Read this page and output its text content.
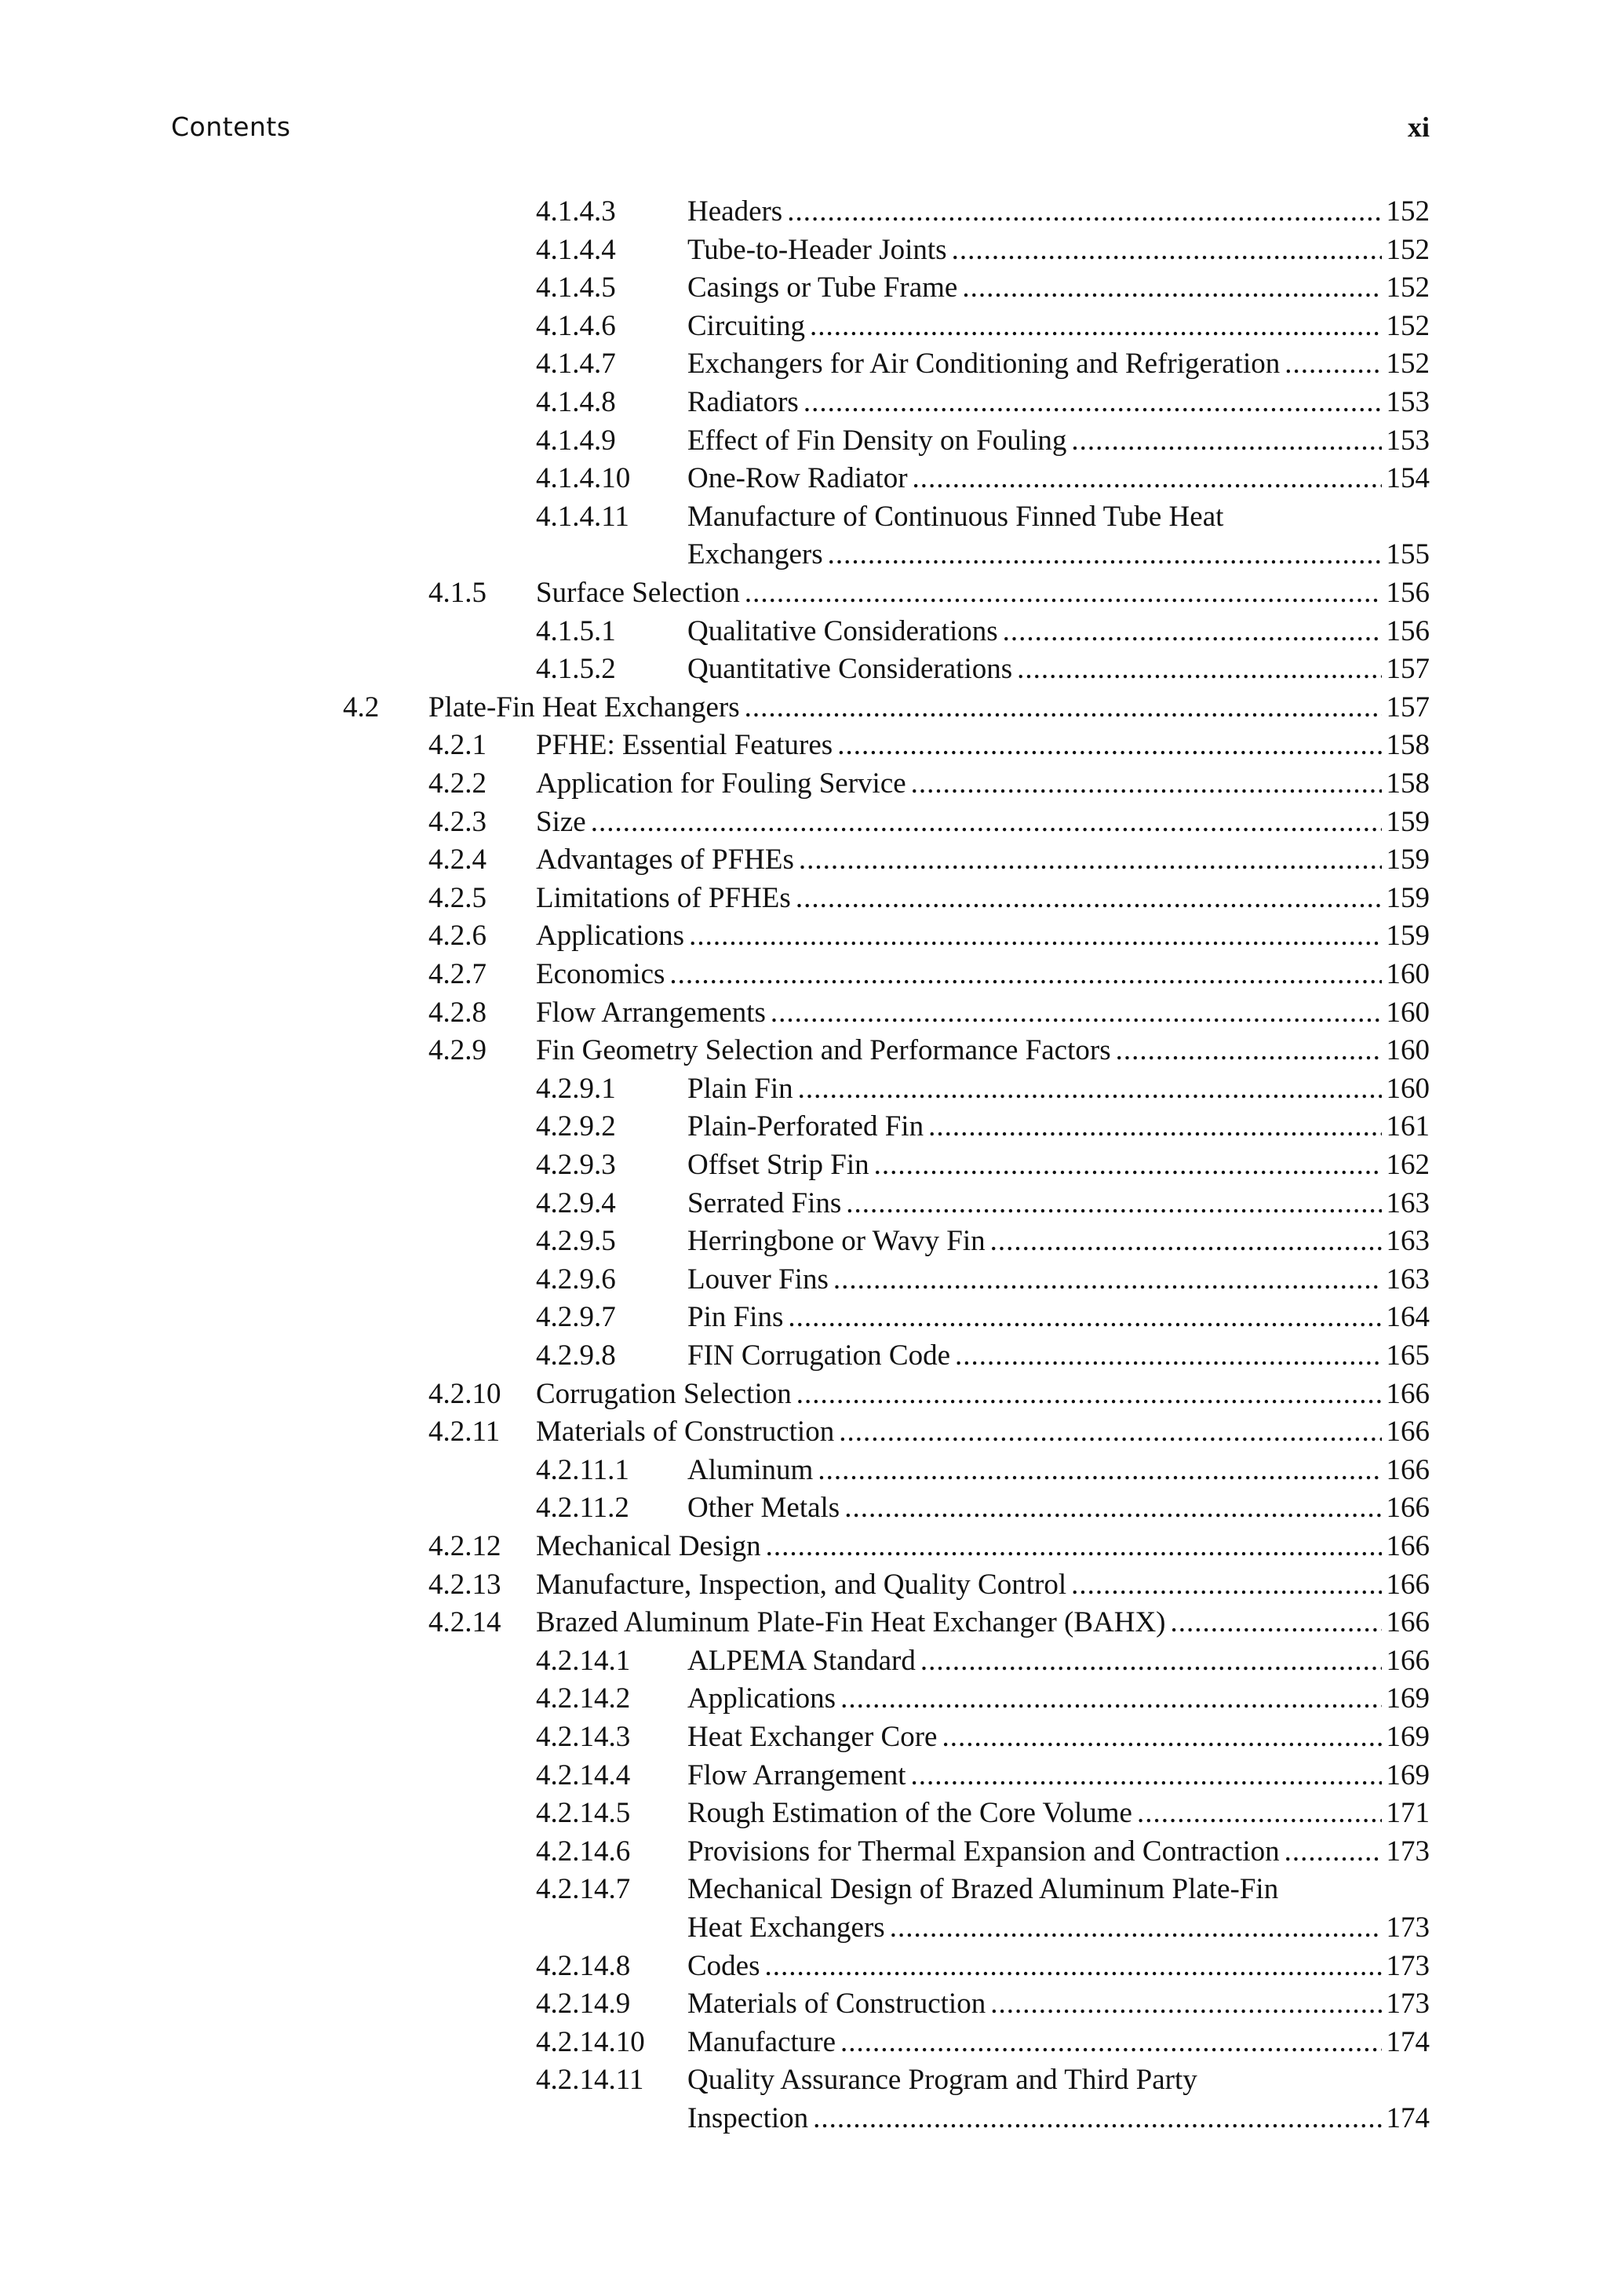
Contents	xi
4.1.4.3 Headers .....	152
4.1.4.4 Tube-to-Header Joints .....	152
4.1.4.5 Casings or Tube Frame .....	152
4.1.4.6 Circuiting .....	152
4.1.4.7 Exchangers for Air Conditioning and Refrigeration .....	152
4.1.4.8 Radiators .....	153
4.1.4.9 Effect of Fin Density on Fouling .....	153
4.1.4.10 One-Row Radiator .....	154
4.1.4.11 Manufacture of Continuous Finned Tube Heat
Exchangers .....	155
4.1.5 Surface Selection .....	156
4.1.5.1 Qualitative Considerations .....	156
4.1.5.2 Quantitative Considerations .....	157
4.2 Plate-Fin Heat Exchangers .....	157
4.2.1 PFHE: Essential Features .....	158
4.2.2 Application for Fouling Service .....	158
4.2.3 Size .....	159
4.2.4 Advantages of PFHEs .....	159
4.2.5 Limitations of PFHEs .....	159
4.2.6 Applications .....	159
4.2.7 Economics .....	160
4.2.8 Flow Arrangements .....	160
4.2.9 Fin Geometry Selection and Performance Factors .....	160
4.2.9.1 Plain Fin .....	160
4.2.9.2 Plain-Perforated Fin .....	161
4.2.9.3 Offset Strip Fin .....	162
4.2.9.4 Serrated Fins .....	163
4.2.9.5 Herringbone or Wavy Fin .....	163
4.2.9.6 Louver Fins .....	163
4.2.9.7 Pin Fins .....	164
4.2.9.8 FIN Corrugation Code .....	165
4.2.10 Corrugation Selection .....	166
4.2.11 Materials of Construction .....	166
4.2.11.1 Aluminum .....	166
4.2.11.2 Other Metals .....	166
4.2.12 Mechanical Design .....	166
4.2.13 Manufacture, Inspection, and Quality Control .....	166
4.2.14 Brazed Aluminum Plate-Fin Heat Exchanger (BAHX) .....	166
4.2.14.1 ALPEMA Standard .....	166
4.2.14.2 Applications .....	169
4.2.14.3 Heat Exchanger Core .....	169
4.2.14.4 Flow Arrangement .....	169
4.2.14.5 Rough Estimation of the Core Volume .....	171
4.2.14.6 Provisions for Thermal Expansion and Contraction .....	173
4.2.14.7 Mechanical Design of Brazed Aluminum Plate-Fin
Heat Exchangers .....	173
4.2.14.8 Codes .....	173
4.2.14.9 Materials of Construction .....	173
4.2.14.10 Manufacture .....	174
4.2.14.11 Quality Assurance Program and Third Party
Inspection .....	174
